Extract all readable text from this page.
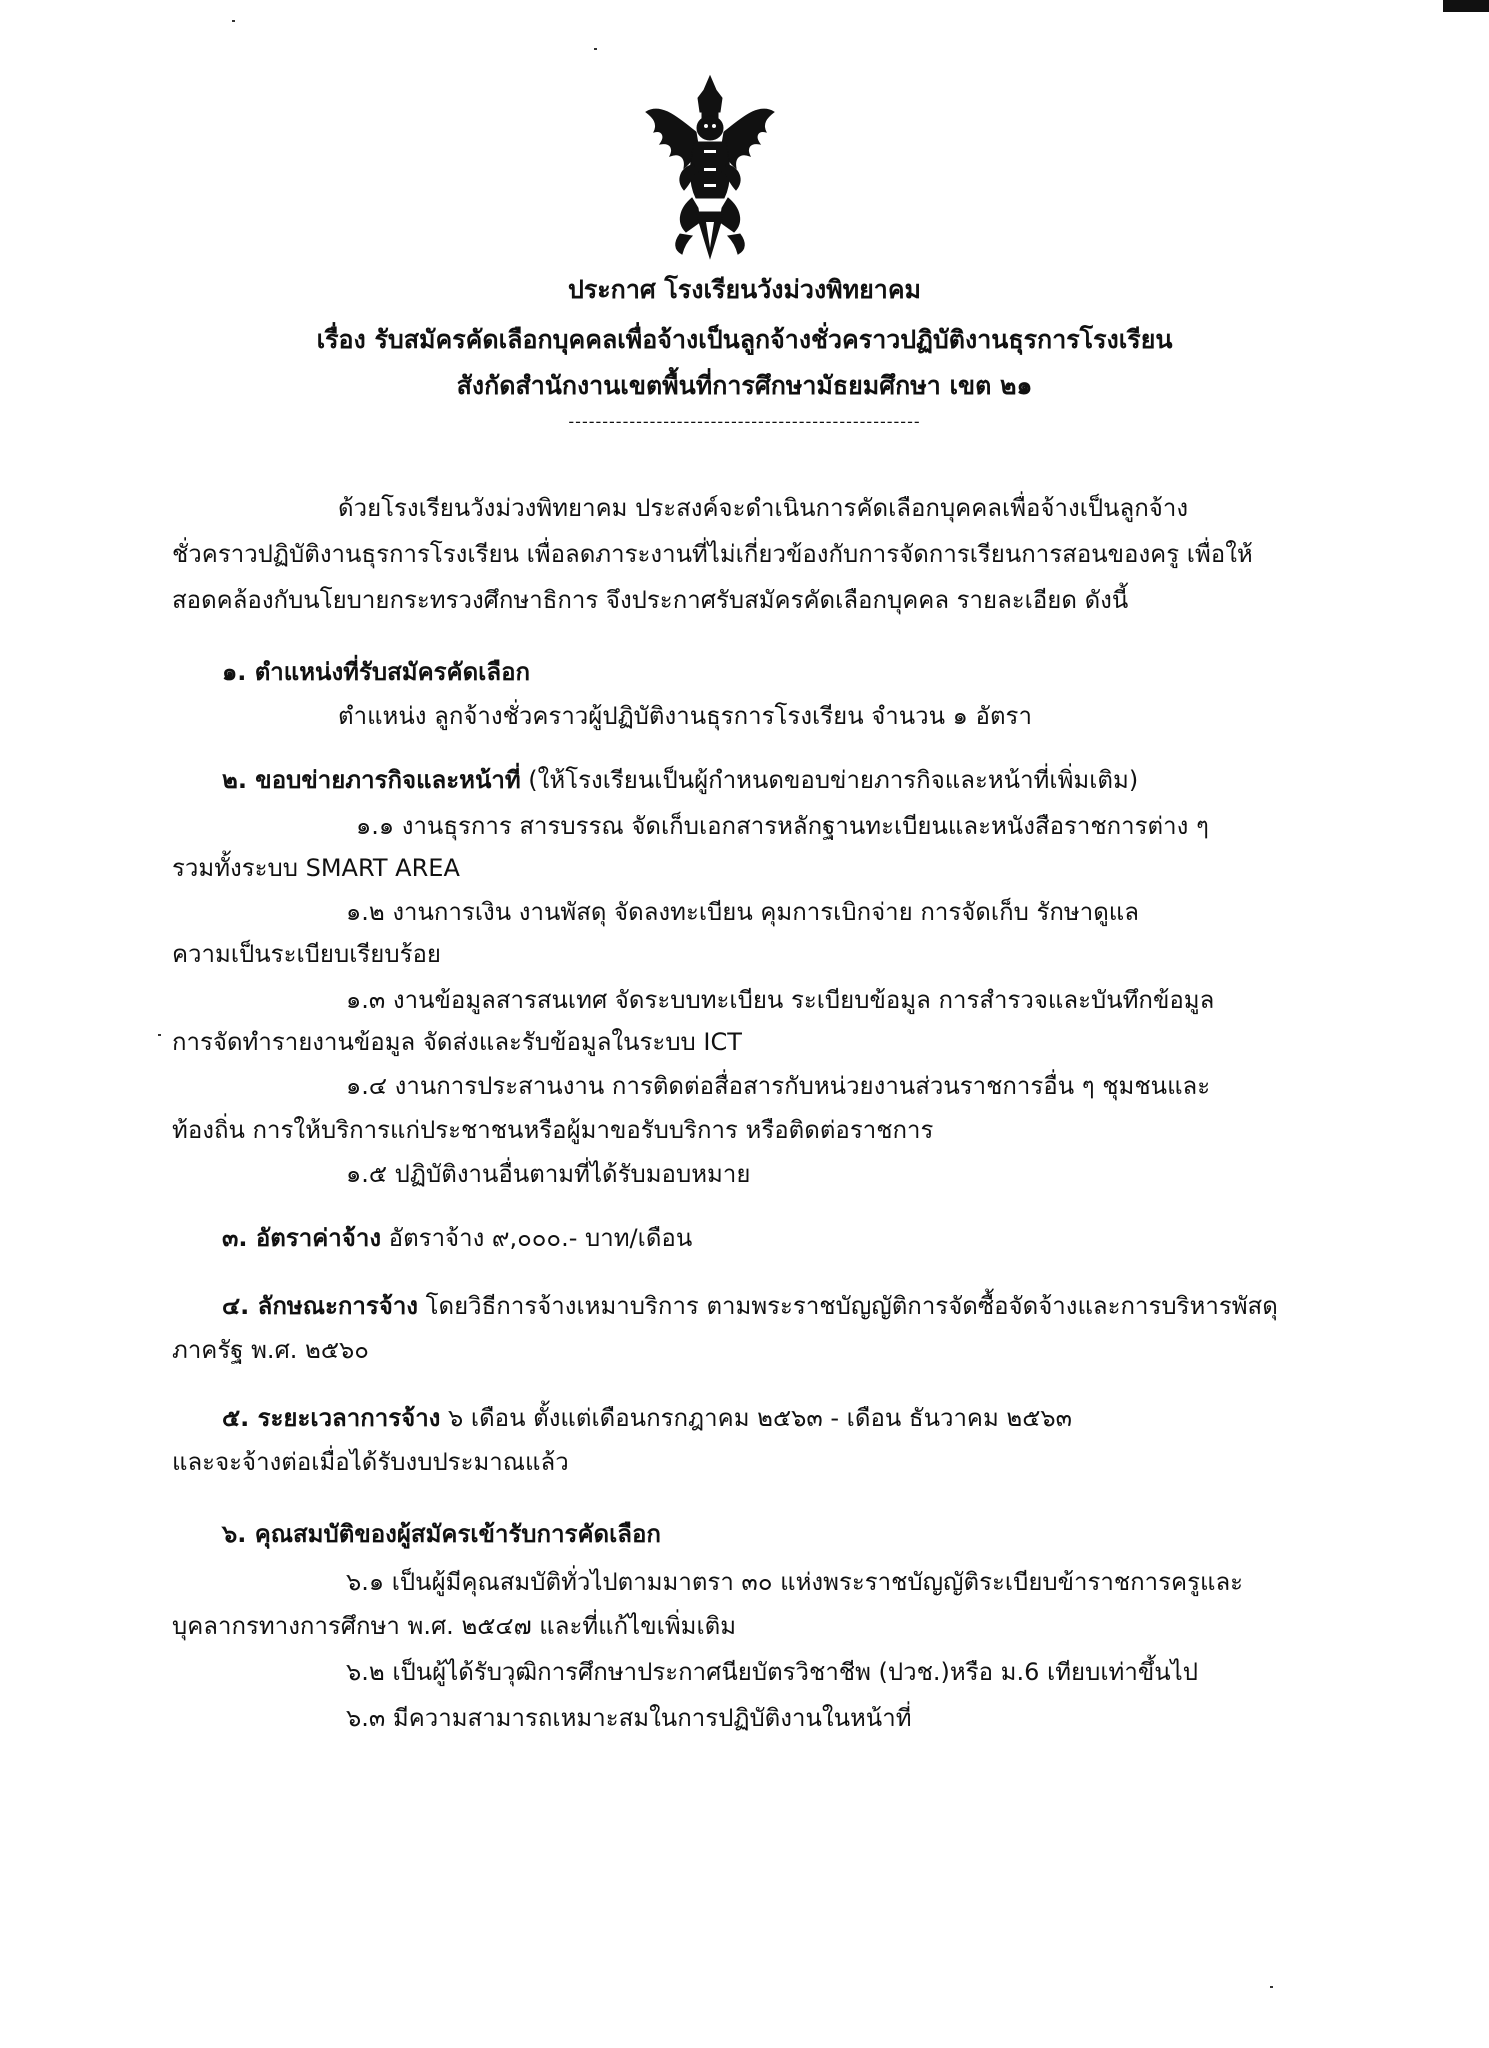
ประกาศ โรงเรียนวังม่วงพิทยาคม
เรื่อง รับสมัครคัดเลือกบุคคลเพื่อจ้างเป็นลูกจ้างชั่วคราวปฏิบัติงานธุรการโรงเรียน
สังกัดสำนักงานเขตพื้นที่การศึกษามัธยมศึกษา เขต ๒๑
----------------------------------------------------
ด้วยโรงเรียนวังม่วงพิทยาคม ประสงค์จะดำเนินการคัดเลือกบุคคลเพื่อจ้างเป็นลูกจ้าง
ชั่วคราวปฏิบัติงานธุรการโรงเรียน เพื่อลดภาระงานที่ไม่เกี่ยวข้องกับการจัดการเรียนการสอนของครู เพื่อให้
สอดคล้องกับนโยบายกระทรวงศึกษาธิการ จึงประกาศรับสมัครคัดเลือกบุคคล รายละเอียด ดังนี้
๑. ตำแหน่งที่รับสมัครคัดเลือก
ตำแหน่ง ลูกจ้างชั่วคราวผู้ปฏิบัติงานธุรการโรงเรียน จำนวน ๑ อัตรา
๒. ขอบข่ายภารกิจและหน้าที่ (ให้โรงเรียนเป็นผู้กำหนดขอบข่ายภารกิจและหน้าที่เพิ่มเติม)
๑.๑ งานธุรการ สารบรรณ จัดเก็บเอกสารหลักฐานทะเบียนและหนังสือราชการต่าง ๆ
รวมทั้งระบบ SMART AREA
๑.๒ งานการเงิน งานพัสดุ จัดลงทะเบียน คุมการเบิกจ่าย การจัดเก็บ รักษาดูแล
ความเป็นระเบียบเรียบร้อย
๑.๓ งานข้อมูลสารสนเทศ จัดระบบทะเบียน ระเบียบข้อมูล การสำรวจและบันทึกข้อมูล
การจัดทำรายงานข้อมูล จัดส่งและรับข้อมูลในระบบ ICT
๑.๔ งานการประสานงาน การติดต่อสื่อสารกับหน่วยงานส่วนราชการอื่น ๆ ชุมชนและ
ท้องถิ่น การให้บริการแก่ประชาชนหรือผู้มาขอรับบริการ หรือติดต่อราชการ
๑.๕ ปฏิบัติงานอื่นตามที่ได้รับมอบหมาย
๓. อัตราค่าจ้าง อัตราจ้าง ๙,๐๐๐.- บาท/เดือน
๔. ลักษณะการจ้าง โดยวิธีการจ้างเหมาบริการ ตามพระราชบัญญัติการจัดซื้อจัดจ้างและการบริหารพัสดุ
ภาครัฐ พ.ศ. ๒๕๖๐
๕. ระยะเวลาการจ้าง ๖ เดือน ตั้งแต่เดือนกรกฎาคม ๒๕๖๓ - เดือน ธันวาคม ๒๕๖๓
และจะจ้างต่อเมื่อได้รับงบประมาณแล้ว
๖. คุณสมบัติของผู้สมัครเข้ารับการคัดเลือก
๖.๑ เป็นผู้มีคุณสมบัติทั่วไปตามมาตรา ๓๐ แห่งพระราชบัญญัติระเบียบข้าราชการครูและ
บุคลากรทางการศึกษา พ.ศ. ๒๕๔๗ และที่แก้ไขเพิ่มเติม
๖.๒ เป็นผู้ได้รับวุฒิการศึกษาประกาศนียบัตรวิชาชีพ (ปวช.)หรือ ม.6 เทียบเท่าขึ้นไป
๖.๓ มีความสามารถเหมาะสมในการปฏิบัติงานในหน้าที่
